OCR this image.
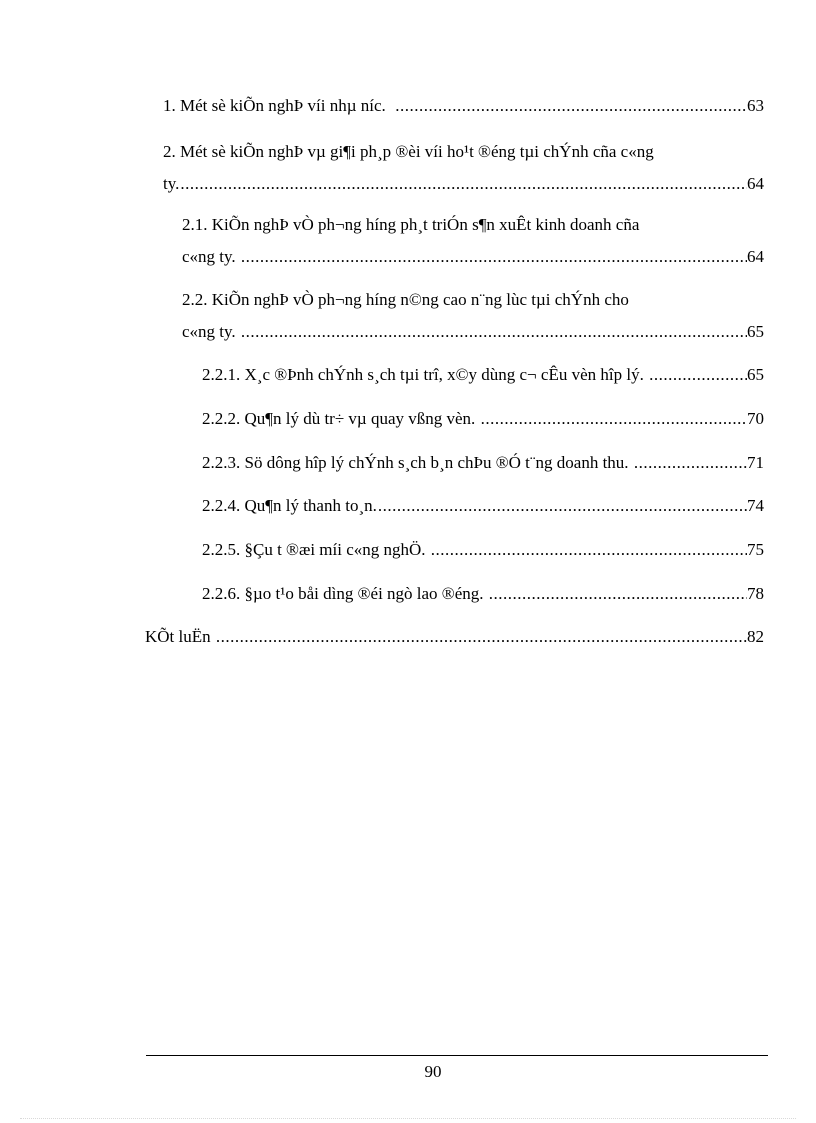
1. Mét sè kiÕn nghÞ víi nhµ níc. .....	63
2. Mét sè kiÕn nghÞ vµ gi¶i ph¸p ®èi víi ho¹t ®éng tµi chÝnh cña c«ng
ty. .....	64
2.1. KiÕn nghÞ vÒ ph¬ng híng ph¸t triÓn s¶n xuÊt kinh doanh cña
c«ng ty. .....	64
2.2. KiÕn nghÞ vÒ ph¬ng híng n©ng cao n¨ng lùc tµi chÝnh cho
c«ng ty. .....	65
2.2.1. X¸c ®Þnh chÝnh s¸ch tµi trî, x©y dùng c¬ cÊu vèn hîp lý. .....	65
2.2.2. Qu¶n lý dù tr÷ vµ quay vßng vèn. .....	70
2.2.3. Sö dông hîp lý chÝnh s¸ch b¸n chÞu ®Ó t¨ng doanh thu. .....	71
2.2.4. Qu¶n lý thanh to¸n. .....	74
2.2.5. §Çu t ®æi míi c«ng nghÖ. .....	75
2.2.6. §µo t¹o båi dìng ®éi ngò lao ®éng. .....	78
KÕt luËn .....	82
90
